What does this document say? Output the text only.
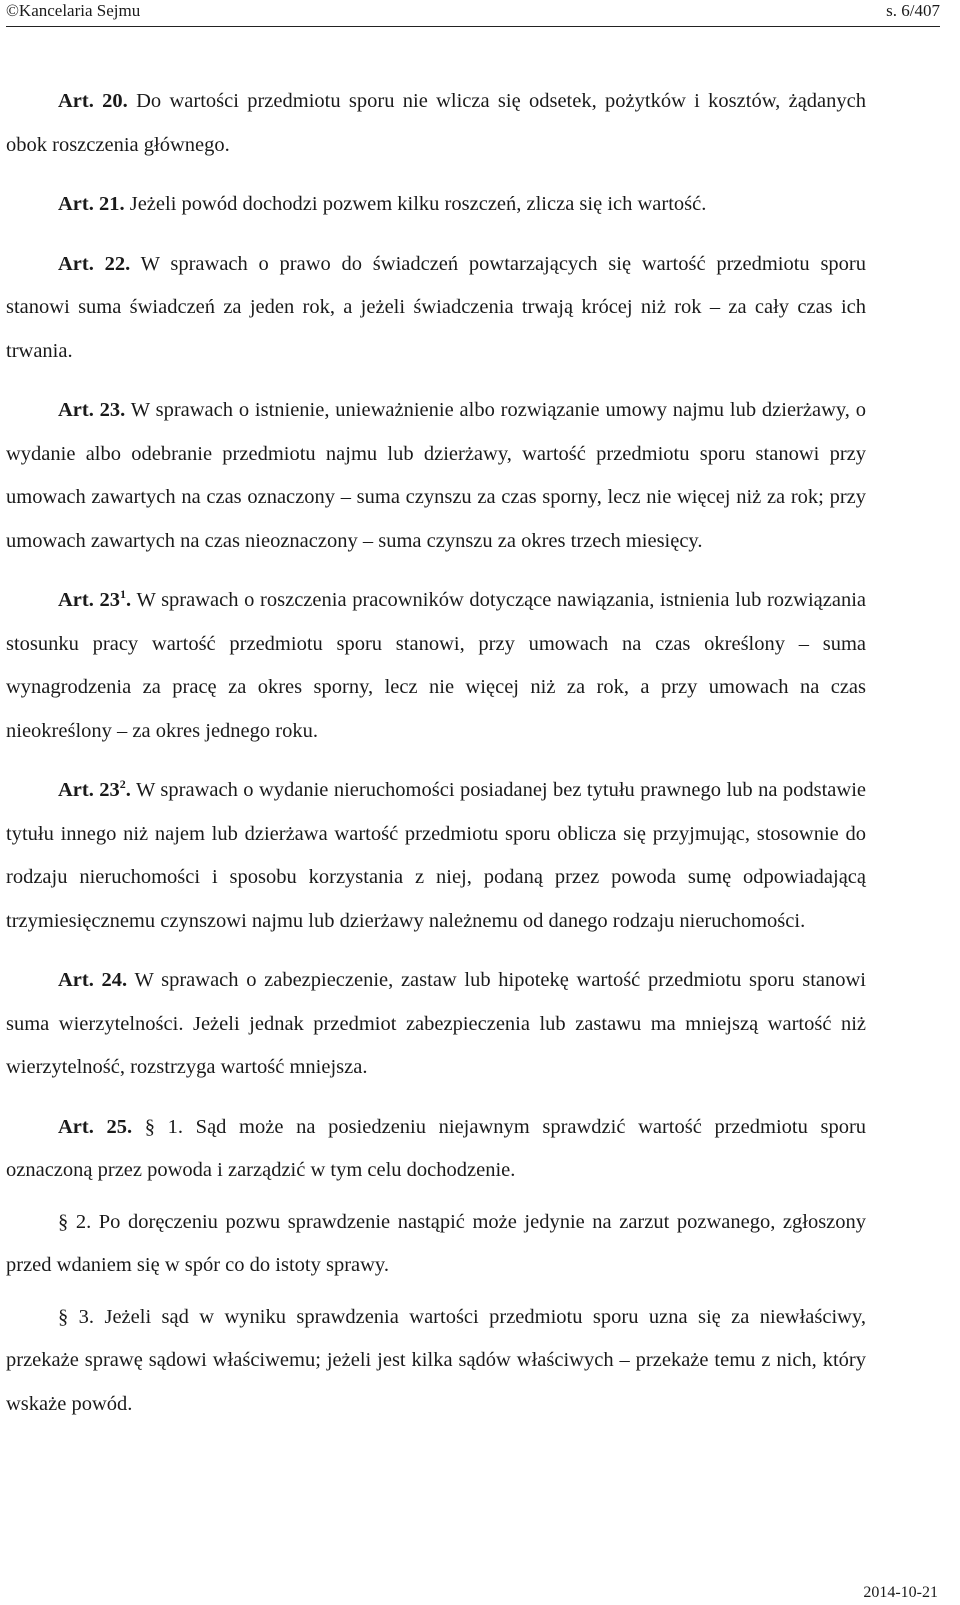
©Kancelaria Sejmu	s. 6/407

Art. 20. Do wartości przedmiotu sporu nie wlicza się odsetek, pożytków i kosztów, żądanych obok roszczenia głównego.

Art. 21. Jeżeli powód dochodzi pozwem kilku roszczeń, zlicza się ich wartość.

Art. 22. W sprawach o prawo do świadczeń powtarzających się wartość przedmiotu sporu stanowi suma świadczeń za jeden rok, a jeżeli świadczenia trwają krócej niż rok – za cały czas ich trwania.

Art. 23. W sprawach o istnienie, unieważnienie albo rozwiązanie umowy najmu lub dzierżawy, o wydanie albo odebranie przedmiotu najmu lub dzierżawy, wartość przedmiotu sporu stanowi przy umowach zawartych na czas oznaczony – suma czynszu za czas sporny, lecz nie więcej niż za rok; przy umowach zawartych na czas nieoznaczony – suma czynszu za okres trzech miesięcy.

Art. $23^1$. W sprawach o roszczenia pracowników dotyczące nawiązania, istnienia lub rozwiązania stosunku pracy wartość przedmiotu sporu stanowi, przy umowach na czas określony – suma wynagrodzenia za pracę za okres sporny, lecz nie więcej niż za rok, a przy umowach na czas nieokreślony – za okres jednego roku.

Art. $23^2$. W sprawach o wydanie nieruchomości posiadanej bez tytułu prawnego lub na podstawie tytułu innego niż najem lub dzierżawa wartość przedmiotu sporu oblicza się przyjmując, stosownie do rodzaju nieruchomości i sposobu korzystania z niej, podaną przez powoda sumę odpowiadającą trzymiesięcznemu czynszowi najmu lub dzierżawy należnemu od danego rodzaju nieruchomości.

Art. 24. W sprawach o zabezpieczenie, zastaw lub hipotekę wartość przedmiotu sporu stanowi suma wierzytelności. Jeżeli jednak przedmiot zabezpieczenia lub zastawu ma mniejszą wartość niż wierzytelność, rozstrzyga wartość mniejsza.

Art. 25. § 1. Sąd może na posiedzeniu niejawnym sprawdzić wartość przedmiotu sporu oznaczoną przez powoda i zarządzić w tym celu dochodzenie.

§ 2. Po doręczeniu pozwu sprawdzenie nastąpić może jedynie na zarzut pozwanego, zgłoszony przed wdaniem się w spór co do istoty sprawy.

§ 3. Jeżeli sąd w wyniku sprawdzenia wartości przedmiotu sporu uzna się za niewłaściwy, przekaże sprawę sądowi właściwemu; jeżeli jest kilka sądów właściwych – przekaże temu z nich, który wskaże powód.

2014-10-21
